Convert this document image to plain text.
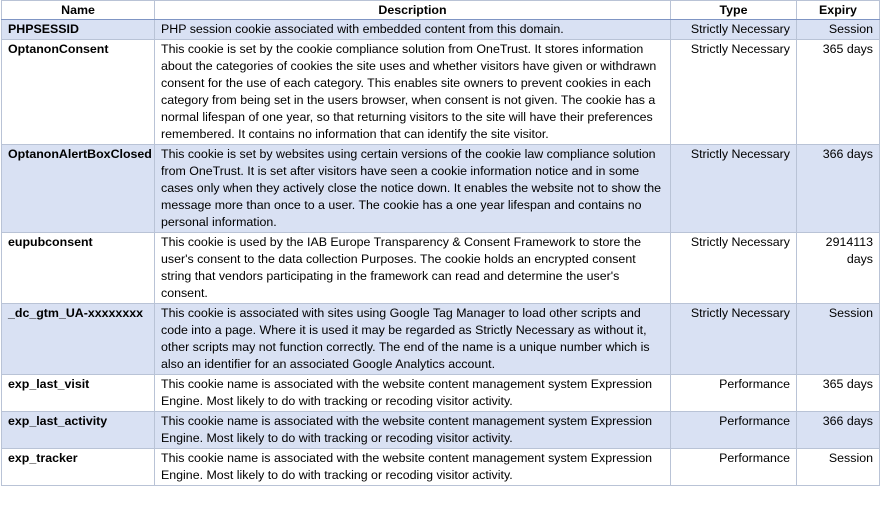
Name	Description	Type	Expiry
PHPSESSID	PHP session cookie associated with embedded content from this domain.	Strictly Necessary	Session
OptanonConsent	This cookie is set by the cookie compliance solution from OneTrust. It stores information about the categories of cookies the site uses and whether visitors have given or withdrawn consent for the use of each category. This enables site owners to prevent cookies in each category from being set in the users browser, when consent is not given. The cookie has a normal lifespan of one year, so that returning visitors to the site will have their preferences remembered. It contains no information that can identify the site visitor.	Strictly Necessary	365 days
OptanonAlertBoxClosed	This cookie is set by websites using certain versions of the cookie law compliance solution from OneTrust. It is set after visitors have seen a cookie information notice and in some cases only when they actively close the notice down. It enables the website not to show the message more than once to a user. The cookie has a one year lifespan and contains no personal information.	Strictly Necessary	366 days
eupubconsent	This cookie is used by the IAB Europe Transparency & Consent Framework to store the user's consent to the data collection Purposes. The cookie holds an encrypted consent string that vendors participating in the framework can read and determine the user's consent.	Strictly Necessary	2914113 days
_dc_gtm_UA-xxxxxxxx	This cookie is associated with sites using Google Tag Manager to load other scripts and code into a page. Where it is used it may be regarded as Strictly Necessary as without it, other scripts may not function correctly. The end of the name is a unique number which is also an identifier for an associated Google Analytics account.	Strictly Necessary	Session
exp_last_visit	This cookie name is associated with the website content management system Expression Engine. Most likely to do with tracking or recoding visitor activity.	Performance	365 days
exp_last_activity	This cookie name is associated with the website content management system Expression Engine. Most likely to do with tracking or recoding visitor activity.	Performance	366 days
exp_tracker	This cookie name is associated with the website content management system Expression Engine. Most likely to do with tracking or recoding visitor activity.	Performance	Session
